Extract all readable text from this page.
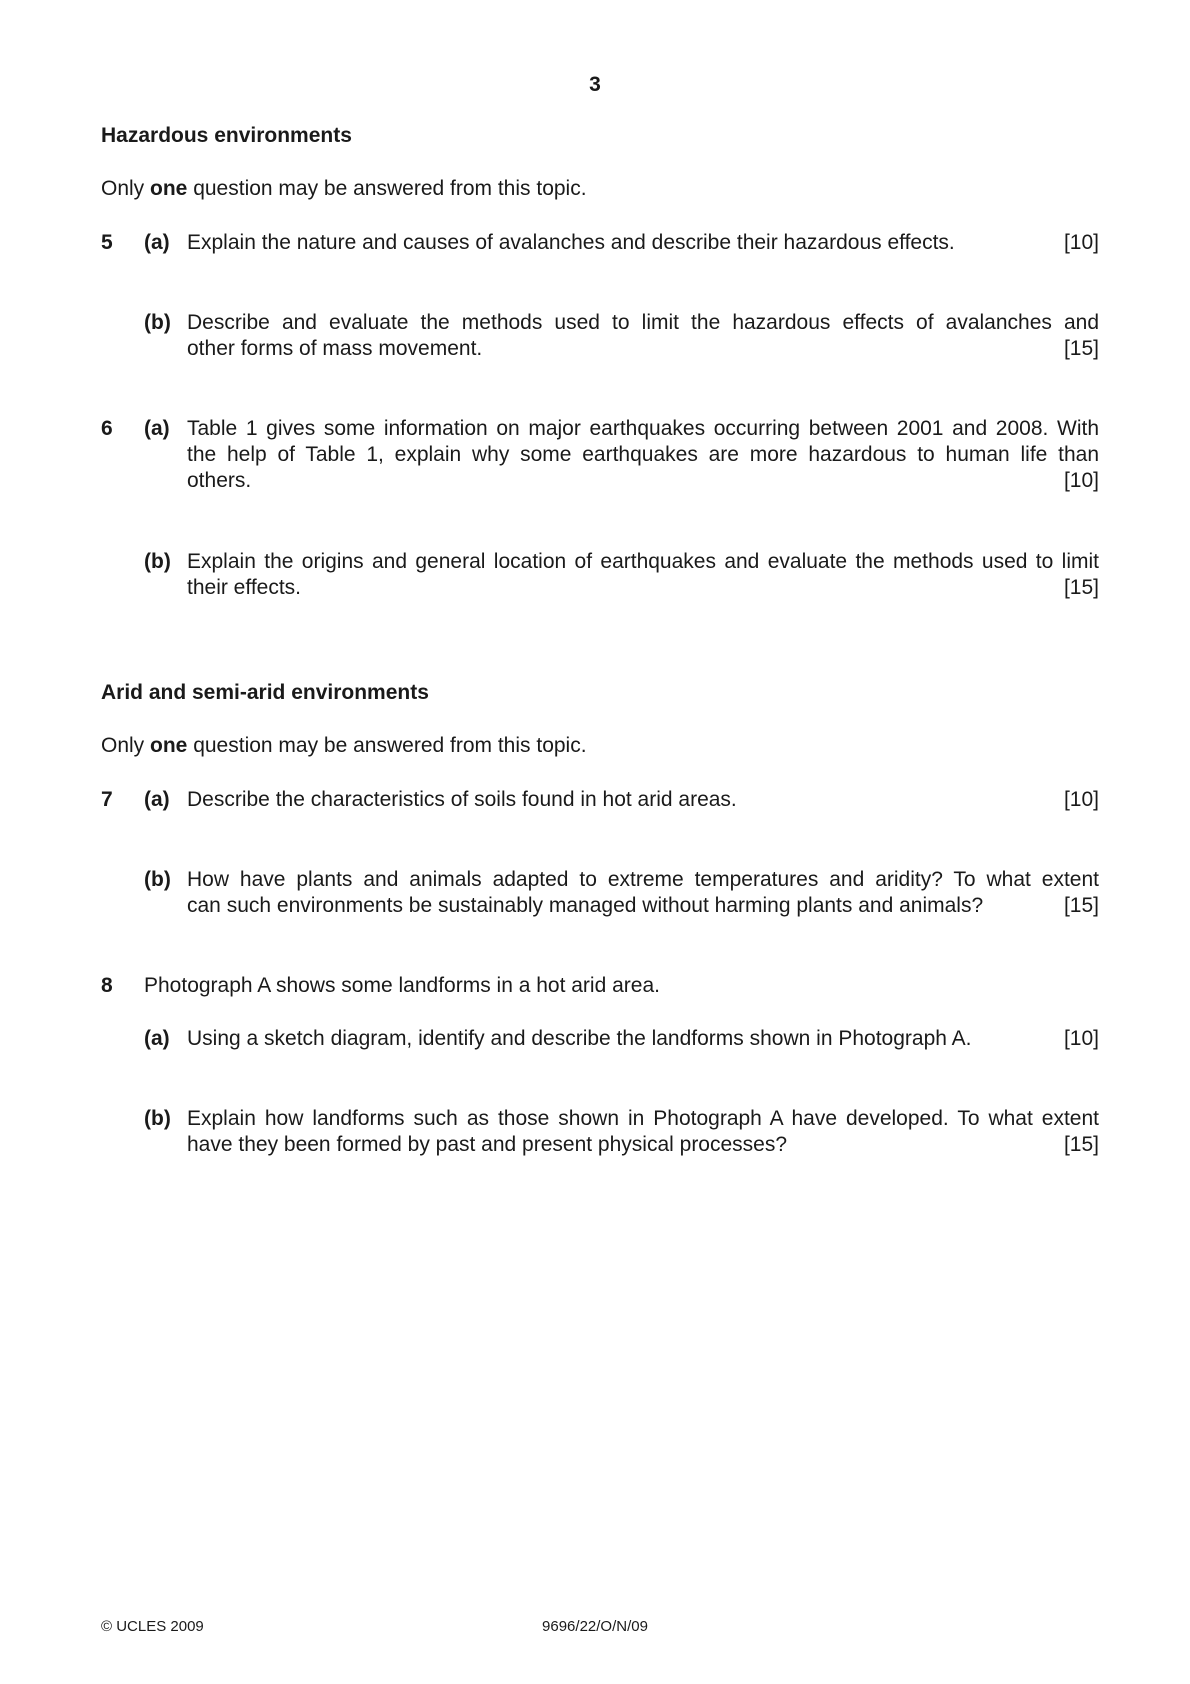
3
Hazardous environments
Only one question may be answered from this topic.
5	(a) Explain the nature and causes of avalanches and describe their hazardous effects.	[10]
(b) Describe and evaluate the methods used to limit the hazardous effects of avalanches and
other forms of mass movement.	[15]
6	(a) Table 1 gives some information on major earthquakes occurring between 2001 and 2008. With
the help of Table 1, explain why some earthquakes are more hazardous to human life than
others.	[10]
(b) Explain the origins and general location of earthquakes and evaluate the methods used to limit
their effects.	[15]
Arid and semi-arid environments
Only one question may be answered from this topic.
7	(a) Describe the characteristics of soils found in hot arid areas.	[10]
(b) How have plants and animals adapted to extreme temperatures and aridity? To what extent
can such environments be sustainably managed without harming plants and animals?	[15]
8	Photograph A shows some landforms in a hot arid area.
(a) Using a sketch diagram, identify and describe the landforms shown in Photograph A.	[10]
(b) Explain how landforms such as those shown in Photograph A have developed. To what extent
have they been formed by past and present physical processes?	[15]
© UCLES 2009	9696/22/O/N/09
